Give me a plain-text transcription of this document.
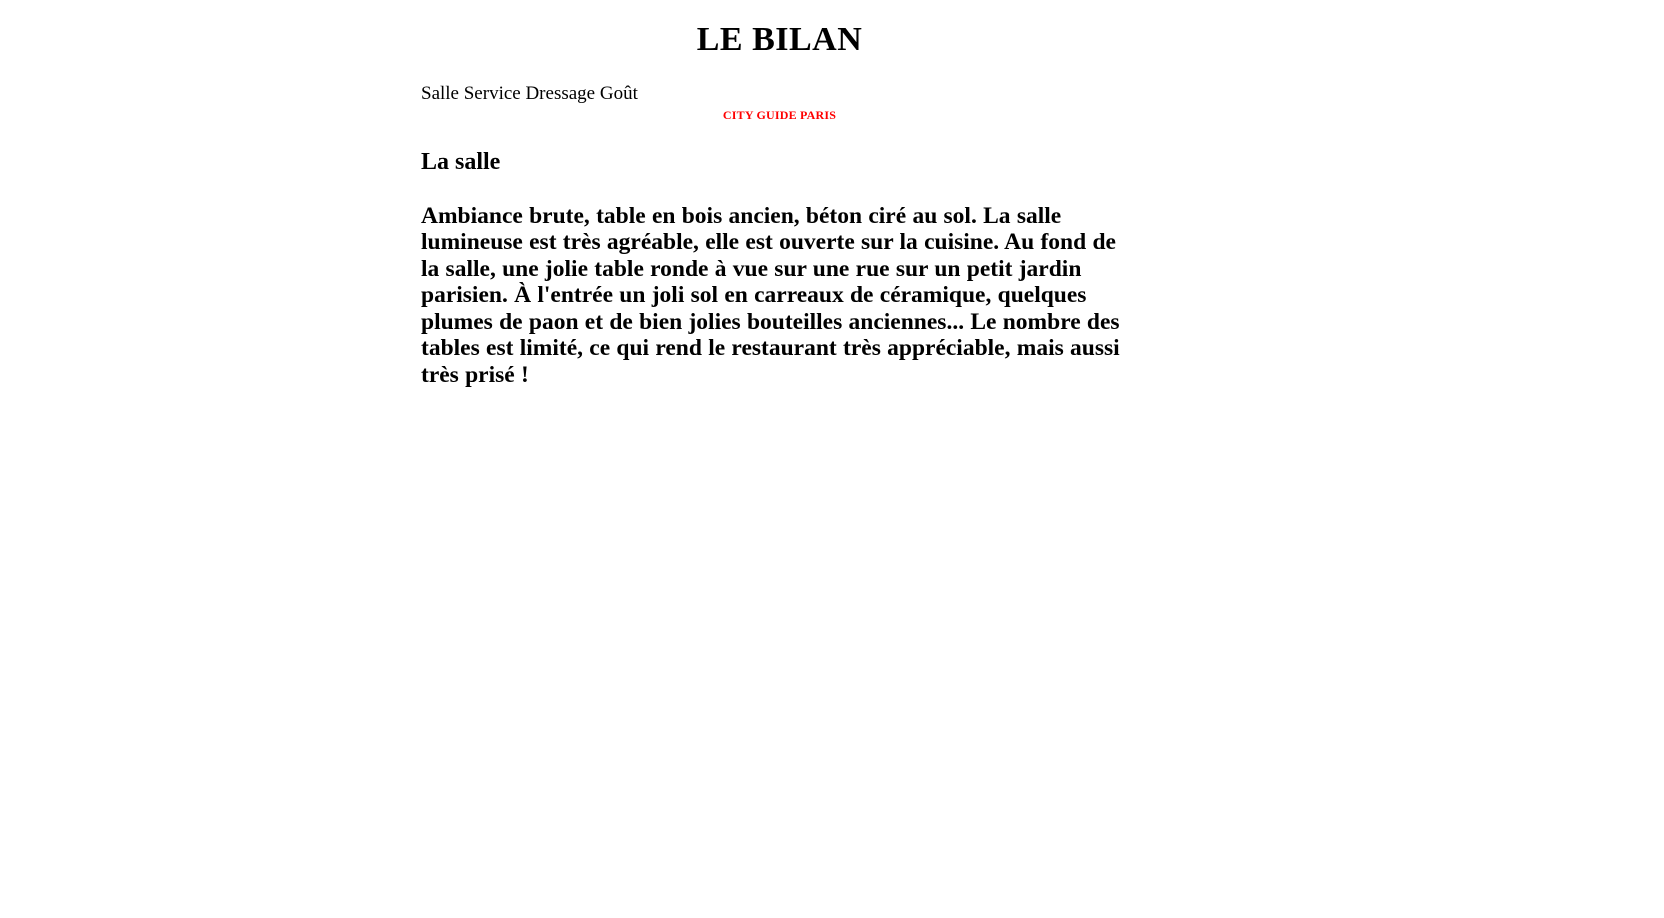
LE BILAN

Salle Service Dressage Goût

CITY GUIDE PARIS

La salle

Ambiance brute, table en bois ancien, béton ciré au sol. La salle lumineuse est très agréable, elle est ouverte sur la cuisine. Au fond de la salle, une jolie table ronde à vue sur une rue sur un petit jardin parisien. À l'entrée un joli sol en carreaux de céramique, quelques plumes de paon et de bien jolies bouteilles anciennes... Le nombre des tables est limité, ce qui rend le restaurant très appréciable, mais aussi très prisé !
